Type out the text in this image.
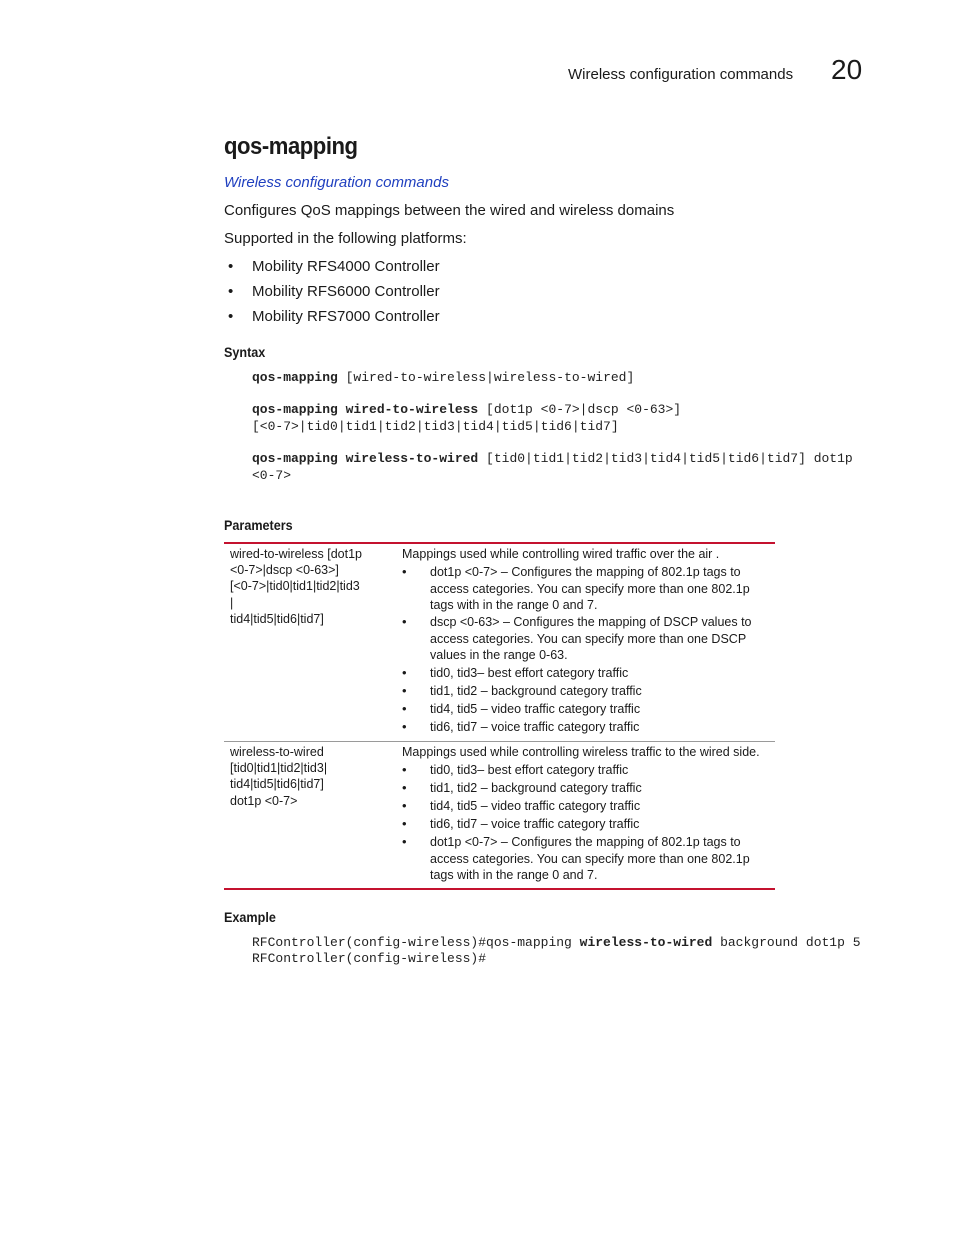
Wireless configuration commands 20
qos-mapping
Wireless configuration commands
Configures QoS mappings between the wired and wireless domains
Supported in the following platforms:
• Mobility RFS4000 Controller
• Mobility RFS6000 Controller
• Mobility RFS7000 Controller
Syntax
qos-mapping [wired-to-wireless|wireless-to-wired]
qos-mapping wired-to-wireless [dot1p <0-7>|dscp <0-63>]
[<0-7>|tid0|tid1|tid2|tid3|tid4|tid5|tid6|tid7]
qos-mapping wireless-to-wired [tid0|tid1|tid2|tid3|tid4|tid5|tid6|tid7] dot1p
<0-7>
Parameters
wired-to-wireless [dot1p
<0-7>|dscp <0-63>]
[<0-7>|tid0|tid1|tid2|tid3
|
tid4|tid5|tid6|tid7]
Mappings used while controlling wired traffic over the air .
• dot1p <0-7> – Configures the mapping of 802.1p tags to access categories. You can specify more than one 802.1p tags with in the range 0 and 7.
• dscp <0-63> – Configures the mapping of DSCP values to access categories. You can specify more than one DSCP values in the range 0-63.
• tid0, tid3– best effort category traffic
• tid1, tid2 – background category traffic
• tid4, tid5 – video traffic category traffic
• tid6, tid7 – voice traffic category traffic
wireless-to-wired
[tid0|tid1|tid2|tid3|
tid4|tid5|tid6|tid7]
dot1p <0-7>
Mappings used while controlling wireless traffic to the wired side.
• tid0, tid3– best effort category traffic
• tid1, tid2 – background category traffic
• tid4, tid5 – video traffic category traffic
• tid6, tid7 – voice traffic category traffic
• dot1p <0-7> – Configures the mapping of 802.1p tags to access categories. You can specify more than one 802.1p tags with in the range 0 and 7.
Example
RFController(config-wireless)#qos-mapping wireless-to-wired background dot1p 5
RFController(config-wireless)#
